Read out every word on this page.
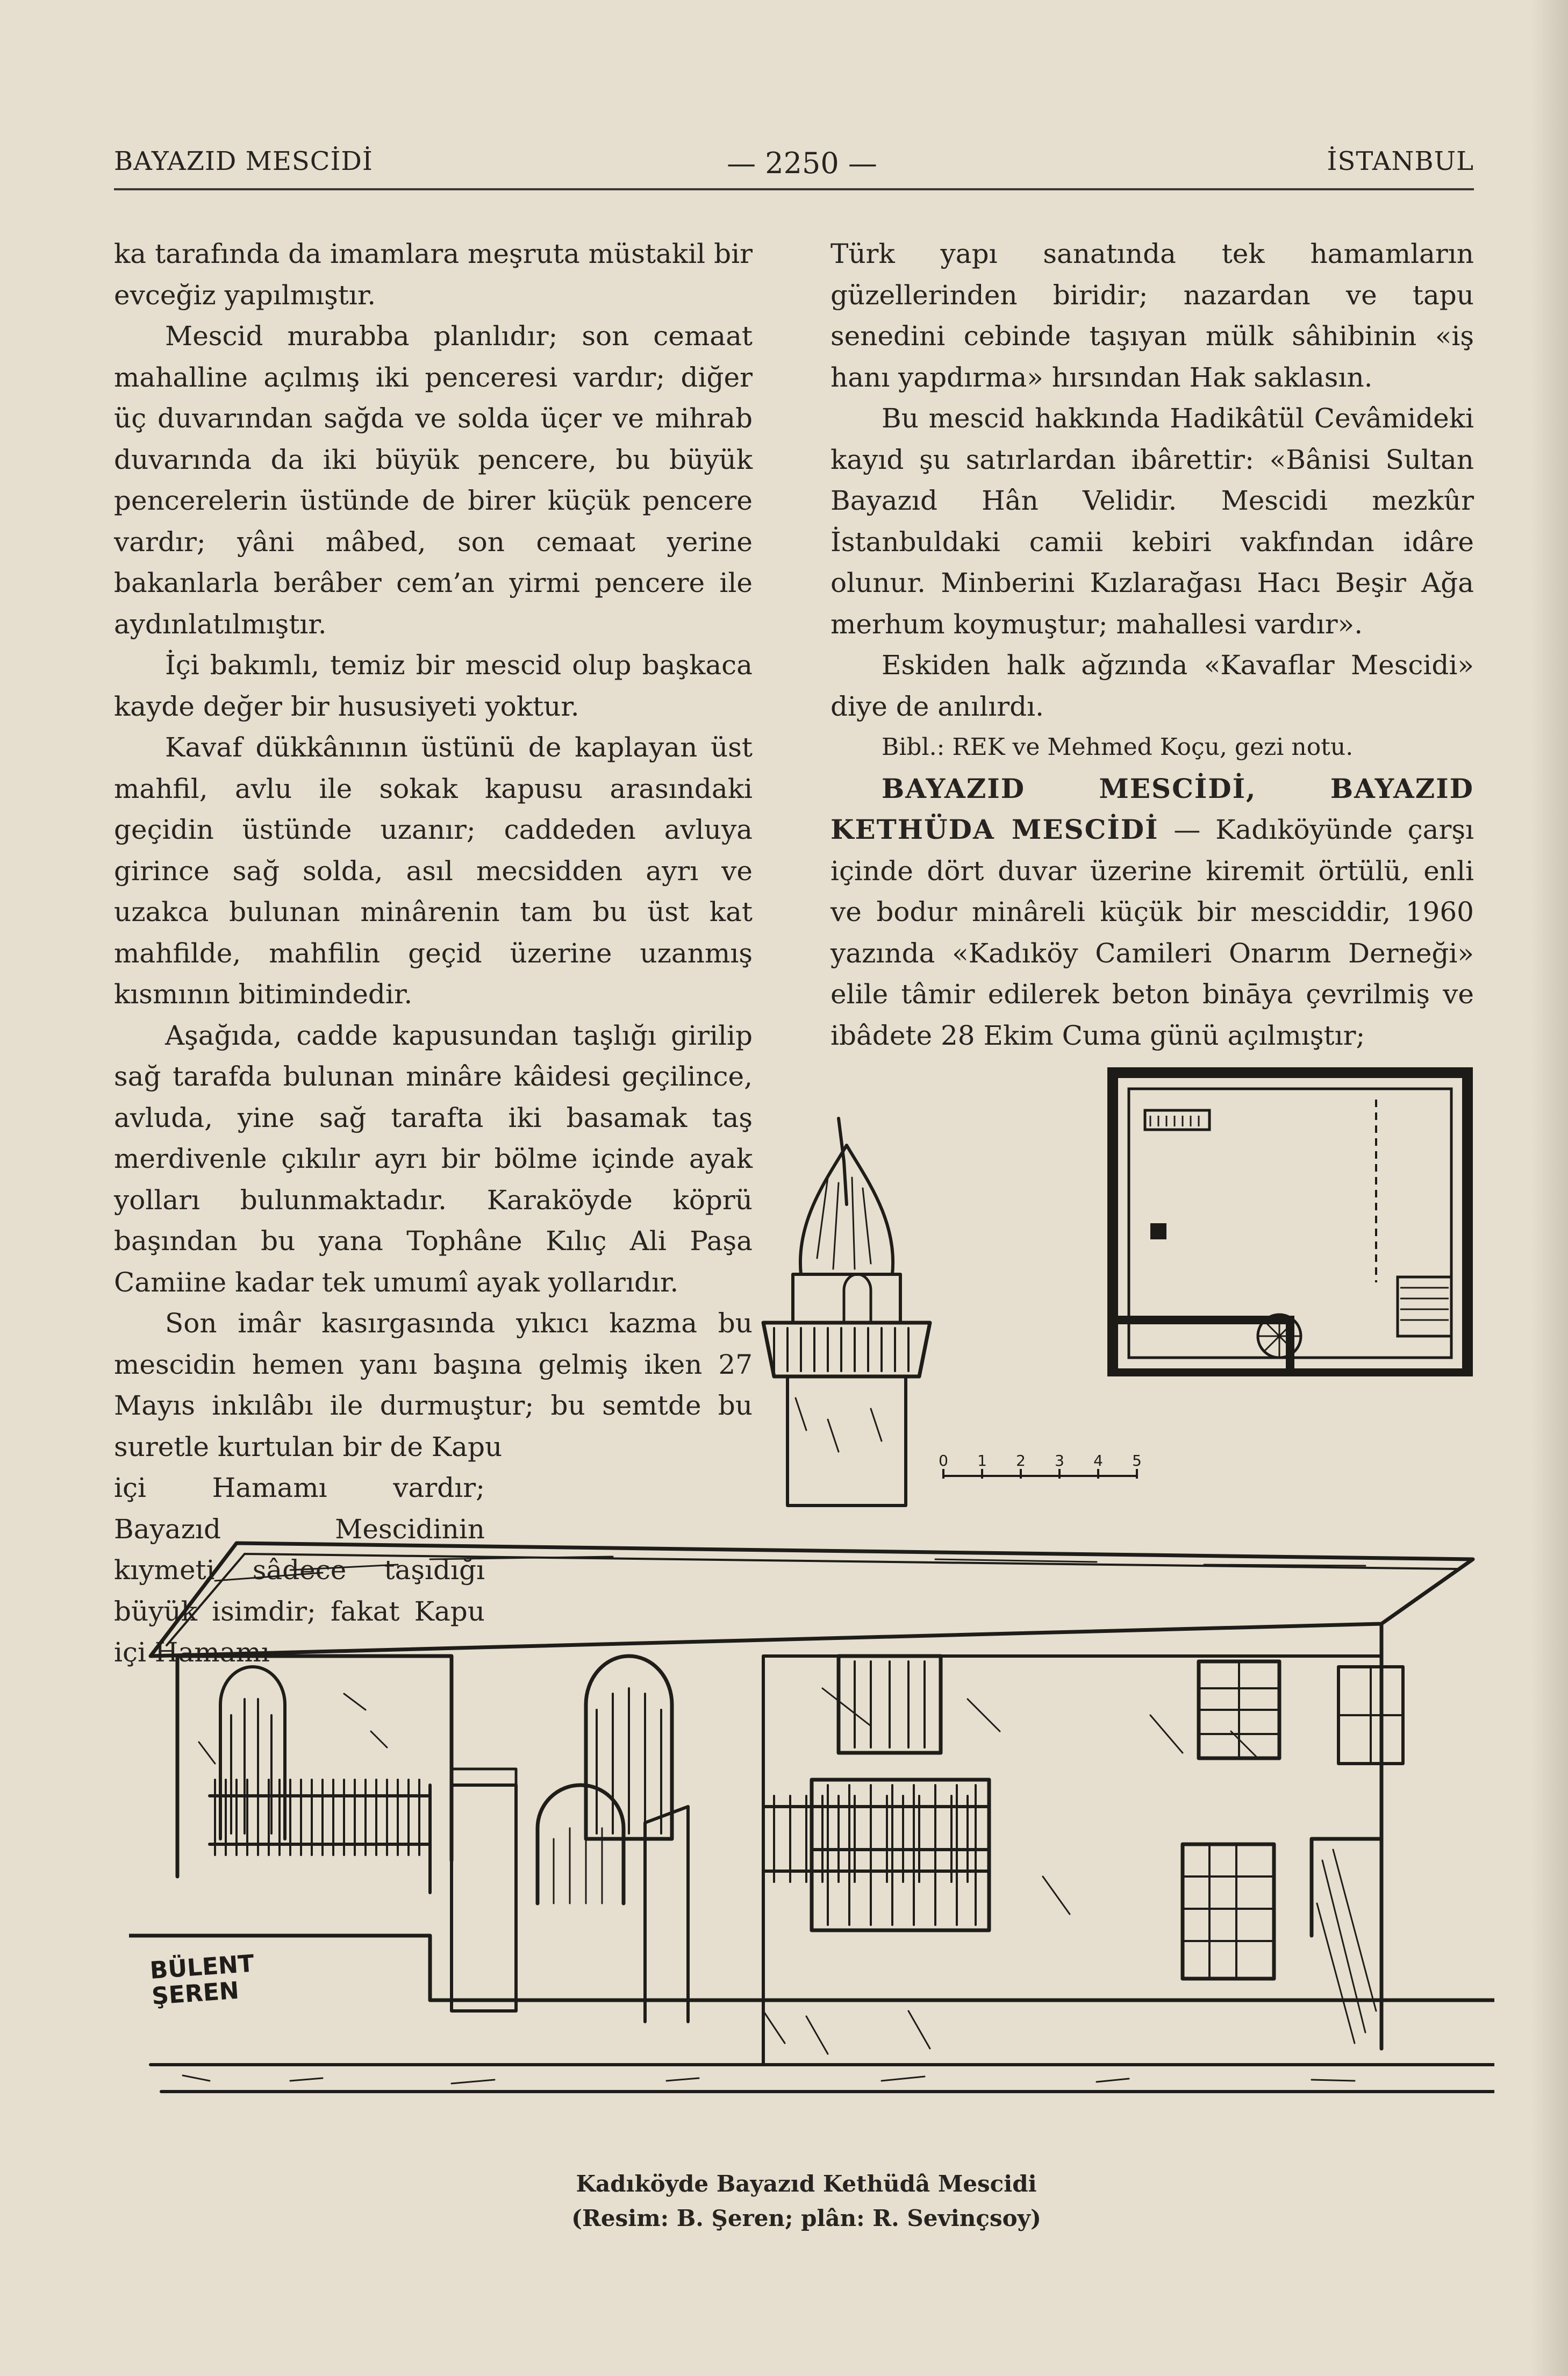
BAYAZID MESCİDİ	— 2250 —	İSTANBUL

ka tarafında da imamlara meşruta müstakil bir evceğiz yapılmıştır.

Mescid murabba planlıdır; son cemaat mahalline açılmış iki penceresi vardır; diğer üç duvarından sağda ve solda üçer ve mihrab duvarında da iki büyük pencere, bu büyük pencerelerin üstünde de birer küçük pencere vardır; yâni mâbed, son cemaat yerine bakanlarla berâber cem’an yirmi pencere ile aydınlatılmıştır.

İçi bakımlı, temiz bir mescid olup başkaca kayde değer bir hususiyeti yoktur.

Kavaf dükkânının üstünü de kaplayan üst mahfil, avlu ile sokak kapusu arasındaki geçidin üstünde uzanır; caddeden avluya girince sağ solda, asıl mecsidden ayrı ve uzakca bulunan minârenin tam bu üst kat mahfilde, mahfilin geçid üzerine uzanmış kısmının bitimindedir.

Aşağıda, cadde kapusundan taşlığı girilip sağ tarafda bulunan minâre kâidesi geçilince, avluda, yine sağ tarafta iki basamak taş merdivenle çıkılır ayrı bir bölme içinde ayak yolları bulunmaktadır. Karaköyde köprü başından bu yana Tophâne Kılıç Ali Paşa Camiine kadar tek umumî ayak yollarıdır.

Son imâr kasırgasında yıkıcı kazma bu mescidin hemen yanı başına gelmiş iken 27 Mayıs inkılâbı ile durmuştur; bu semtde bu suretle kurtulan bir de Kapu

içi Hamamı vardır; Bayazıd Mescidinin kıymeti sâdece taşıdığı büyük isimdir; fakat Kapu içi Hamamı

Türk yapı sanatında tek hamamların güzellerinden biridir; nazardan ve tapu senedini cebinde taşıyan mülk sâhibinin «iş hanı yapdırma» hırsından Hak saklasın.

Bu mescid hakkında Hadikâtül Cevâmideki kayıd şu satırlardan ibârettir: «Bânisi Sultan Bayazıd Hân Velidir. Mescidi mezkûr İstanbuldaki camii kebiri vakfından idâre olunur. Minberini Kızlarağası Hacı Beşir Ağa merhum koymuştur; mahallesi vardır».

Eskiden halk ağzında «Kavaflar Mescidi» diye de anılırdı.

Bibl.: REK ve Mehmed Koçu, gezi notu.

BAYAZID MESCİDİ, BAYAZID KETHÜDA MESCİDİ — Kadıköyünde çarşı içinde dört duvar üzerine kiremit örtülü, enli ve bodur minâreli küçük bir mesciddir, 1960 yazında «Kadıköy Camileri Onarım Derneği» elile tâmir edilerek beton bināya çevrilmiş ve ibâdete 28 Ekim Cuma günü açılmıştır;

0 1 2 3 4 5
BÜLENT
ŞEREN
Kadıköyde Bayazıd Kethüdâ Mescidi
(Resim: B. Şeren; plân: R. Sevinçsoy)
